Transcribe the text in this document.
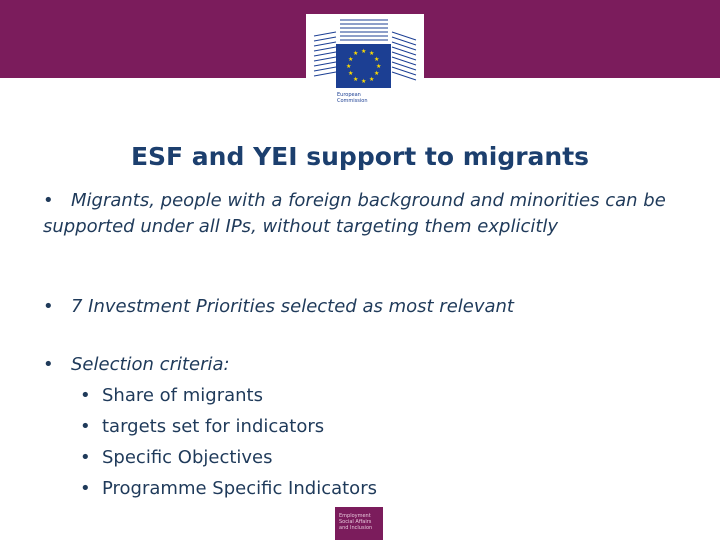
★ ★
★
★
★
★
★
★
★
★
★
★
European
Commission
ESF and YEI support to migrants
• Migrants, people with a foreign background and minorities can be supported under all IPs, without targeting them explicitly
• 7 Investment Priorities selected as most relevant
• Selection criteria:
• Share of migrants
• targets set for indicators
• Specific Objectives
• Programme Specific Indicators
Employment
Social Affairs
and Inclusion
